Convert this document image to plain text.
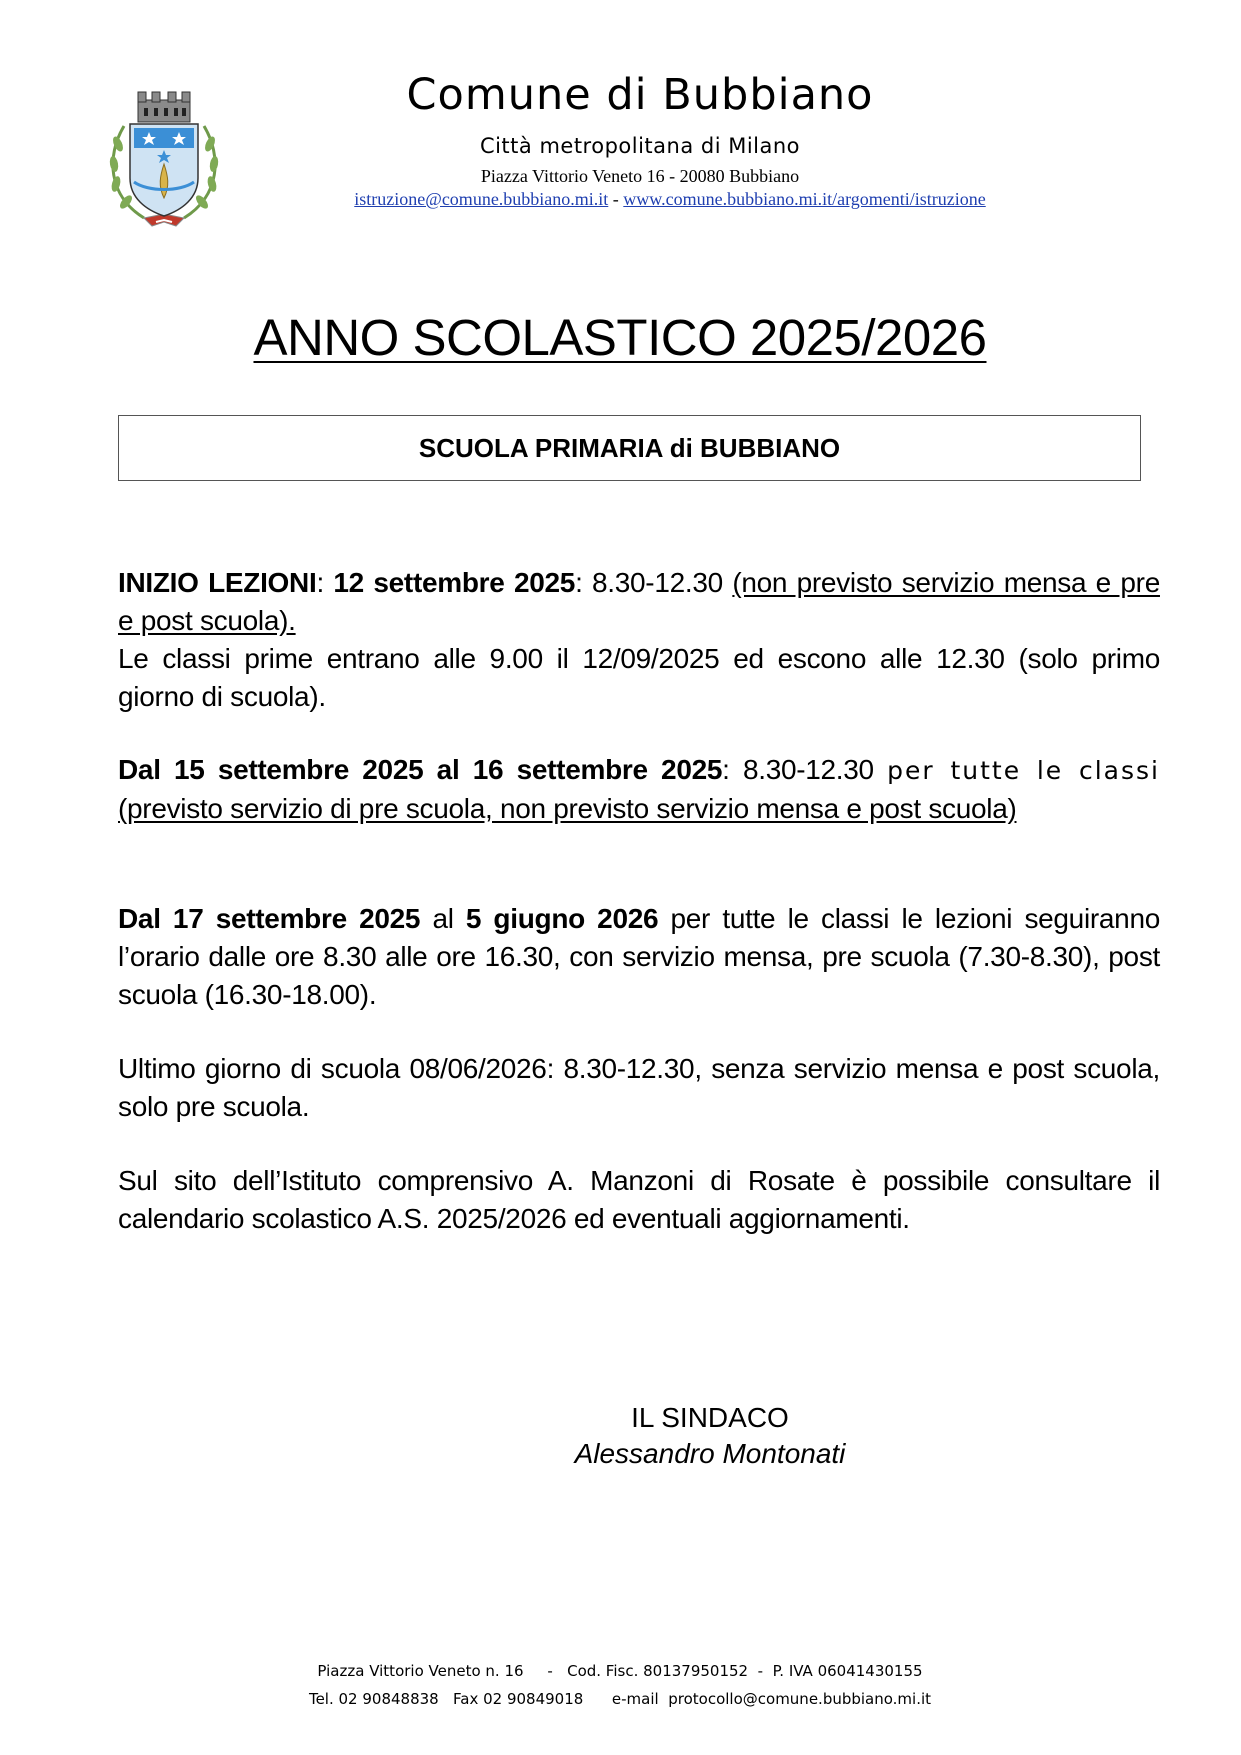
Comune di Bubbiano
Città metropolitana di Milano
Piazza Vittorio Veneto 16 - 20080 Bubbiano
istruzione@comune.bubbiano.mi.it - www.comune.bubbiano.mi.it/argomenti/istruzione
ANNO SCOLASTICO 2025/2026
SCUOLA PRIMARIA di BUBBIANO
INIZIO LEZIONI: 12 settembre 2025: 8.30-12.30 (non previsto servizio mensa e pre e post scuola).
Le classi prime entrano alle 9.00 il 12/09/2025 ed escono alle 12.30 (solo primo giorno di scuola).
Dal 15 settembre 2025 al 16 settembre 2025: 8.30-12.30 per tutte le classi (previsto servizio di pre scuola, non previsto servizio mensa e post scuola)
Dal 17 settembre 2025 al 5 giugno 2026 per tutte le classi le lezioni seguiranno l’orario dalle ore 8.30 alle ore 16.30, con servizio mensa, pre scuola (7.30-8.30), post scuola (16.30-18.00).
Ultimo giorno di scuola 08/06/2026: 8.30-12.30, senza servizio mensa e post scuola, solo pre scuola.
Sul sito dell’Istituto comprensivo A. Manzoni di Rosate è possibile consultare il calendario scolastico A.S. 2025/2026 ed eventuali aggiornamenti.
IL SINDACO
Alessandro Montonati
Piazza Vittorio Veneto n. 16     -   Cod. Fisc. 80137950152  -  P. IVA 06041430155
Tel. 02 90848838   Fax 02 90849018      e-mail  protocollo@comune.bubbiano.mi.it
